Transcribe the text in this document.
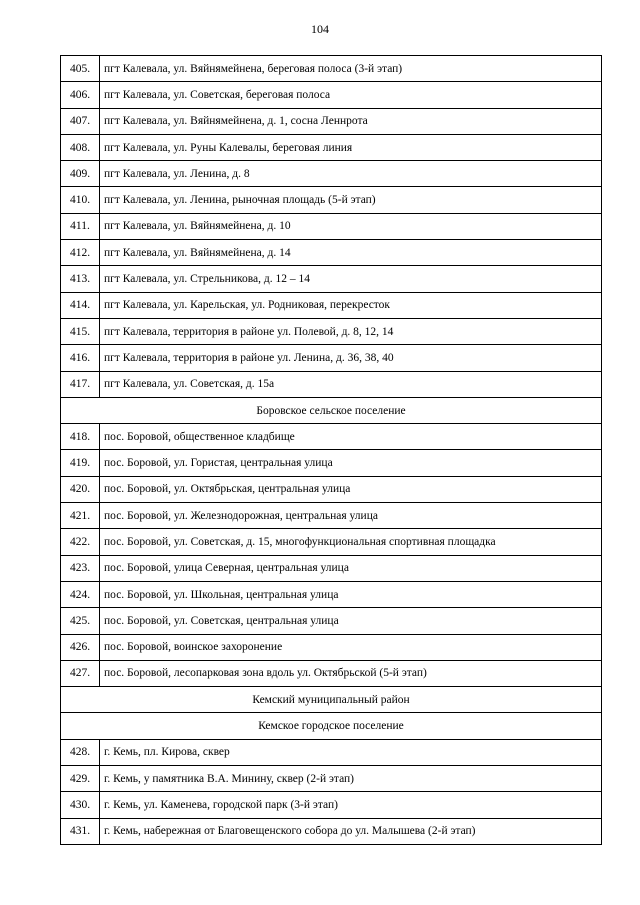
104
405.	пгт Калевала, ул. Вяйнямейнена, береговая полоса (3-й этап)
406.	пгт Калевала, ул. Советская, береговая полоса
407.	пгт Калевала, ул. Вяйнямейнена, д. 1, сосна Леннрота
408.	пгт Калевала, ул. Руны Калевалы, береговая линия
409.	пгт Калевала, ул. Ленина, д. 8
410.	пгт Калевала, ул. Ленина, рыночная площадь (5-й этап)
411.	пгт Калевала, ул. Вяйнямейнена, д. 10
412.	пгт Калевала, ул. Вяйнямейнена, д. 14
413.	пгт Калевала, ул. Стрельникова, д. 12 – 14
414.	пгт Калевала, ул. Карельская, ул. Родниковая, перекресток
415.	пгт Калевала, территория в районе ул. Полевой, д. 8, 12, 14
416.	пгт Калевала, территория в районе ул. Ленина, д. 36, 38, 40
417.	пгт Калевала, ул. Советская, д. 15а
Боровское сельское поселение	
418.	пос. Боровой, общественное кладбище
419.	пос. Боровой, ул. Гористая, центральная улица
420.	пос. Боровой, ул. Октябрьская, центральная улица
421.	пос. Боровой, ул. Железнодорожная, центральная улица
422.	пос. Боровой, ул. Советская, д. 15, многофункциональная спортивная площадка
423.	пос. Боровой, улица Северная, центральная улица
424.	пос. Боровой, ул. Школьная, центральная улица
425.	пос. Боровой, ул. Советская, центральная улица
426.	пос. Боровой, воинское захоронение
427.	пос. Боровой, лесопарковая зона вдоль ул. Октябрьской (5-й этап)
Кемский муниципальный район	
Кемское городское поселение	
428.	г. Кемь, пл. Кирова, сквер
429.	г. Кемь, у памятника В.А. Минину, сквер (2-й этап)
430.	г. Кемь, ул. Каменева, городской парк (3-й этап)
431.	г. Кемь, набережная от Благовещенского собора до ул. Малышева (2-й этап)
